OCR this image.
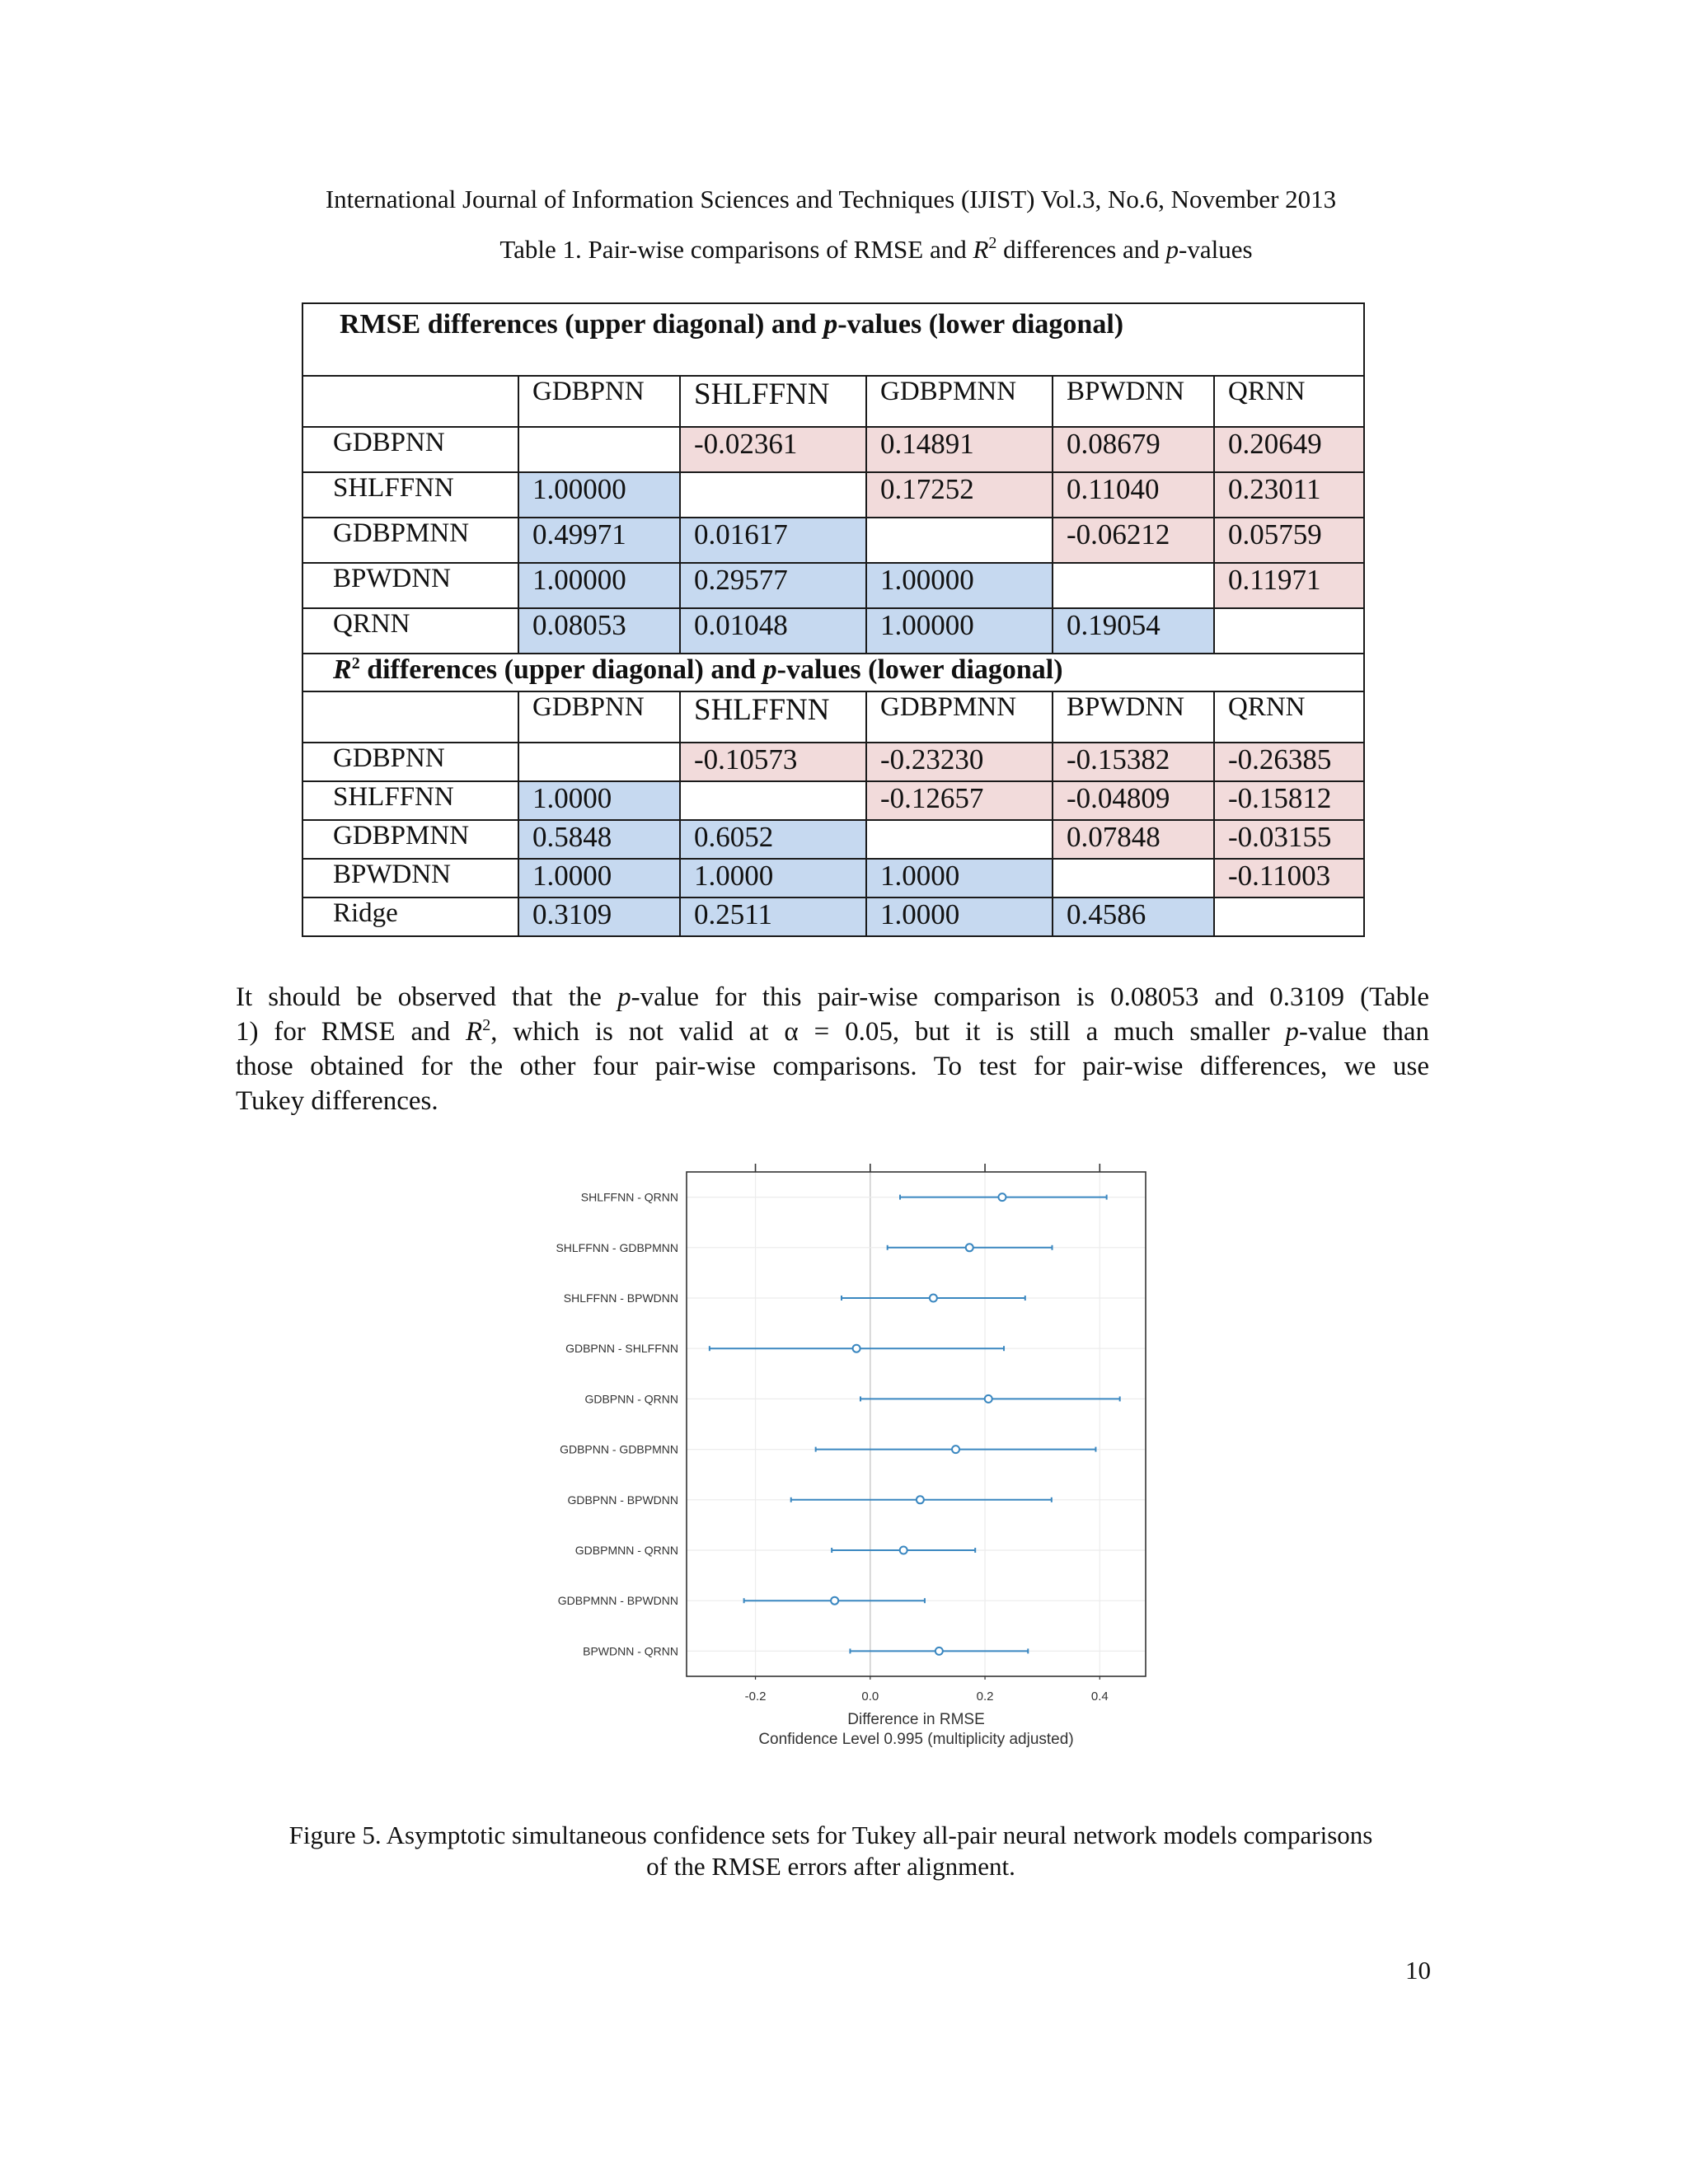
International Journal of Information Sciences and Techniques (IJIST) Vol.3, No.6, November 2013
Table 1. Pair-wise comparisons of RMSE and $R^2$ differences and p-values
RMSE differences (upper diagonal) and p-values (lower diagonal)					
	GDBPNN	SHLFFNN	GDBPMNN	BPWDNN	QRNN
GDBPNN		-0.02361	0.14891	0.08679	0.20649
SHLFFNN	1.00000		0.17252	0.11040	0.23011
GDBPMNN	0.49971	0.01617		-0.06212	0.05759
BPWDNN	1.00000	0.29577	1.00000		0.11971
QRNN	0.08053	0.01048	1.00000	0.19054	
$R^2$ differences (upper diagonal) and p-values (lower diagonal)					
	GDBPNN	SHLFFNN	GDBPMNN	BPWDNN	QRNN
GDBPNN		-0.10573	-0.23230	-0.15382	-0.26385
SHLFFNN	1.0000		-0.12657	-0.04809	-0.15812
GDBPMNN	0.5848	0.6052		0.07848	-0.03155
BPWDNN	1.0000	1.0000	1.0000		-0.11003
Ridge	0.3109	0.2511	1.0000	0.4586	
It should be observed that the p-value for this pair-wise comparison is 0.08053 and 0.3109 (Table
1) for RMSE and $R^2$, which is not valid at α = 0.05, but it is still a much smaller p-value than
those obtained for the other four pair-wise comparisons. To test for pair-wise differences, we use
Tukey differences.
-0.2	0.0	0.2	0.4
SHLFFNN - QRNN
SHLFFNN - GDBPMNN
SHLFFNN - BPWDNN
GDBPNN - SHLFFNN
GDBPNN - QRNN
GDBPNN - GDBPMNN
GDBPNN - BPWDNN
GDBPMNN - QRNN
GDBPMNN - BPWDNN
BPWDNN - QRNN
Difference in RMSE
Confidence Level 0.995 (multiplicity adjusted)
Figure 5. Asymptotic simultaneous confidence sets for Tukey all-pair neural network models comparisons
of the RMSE errors after alignment.
10
